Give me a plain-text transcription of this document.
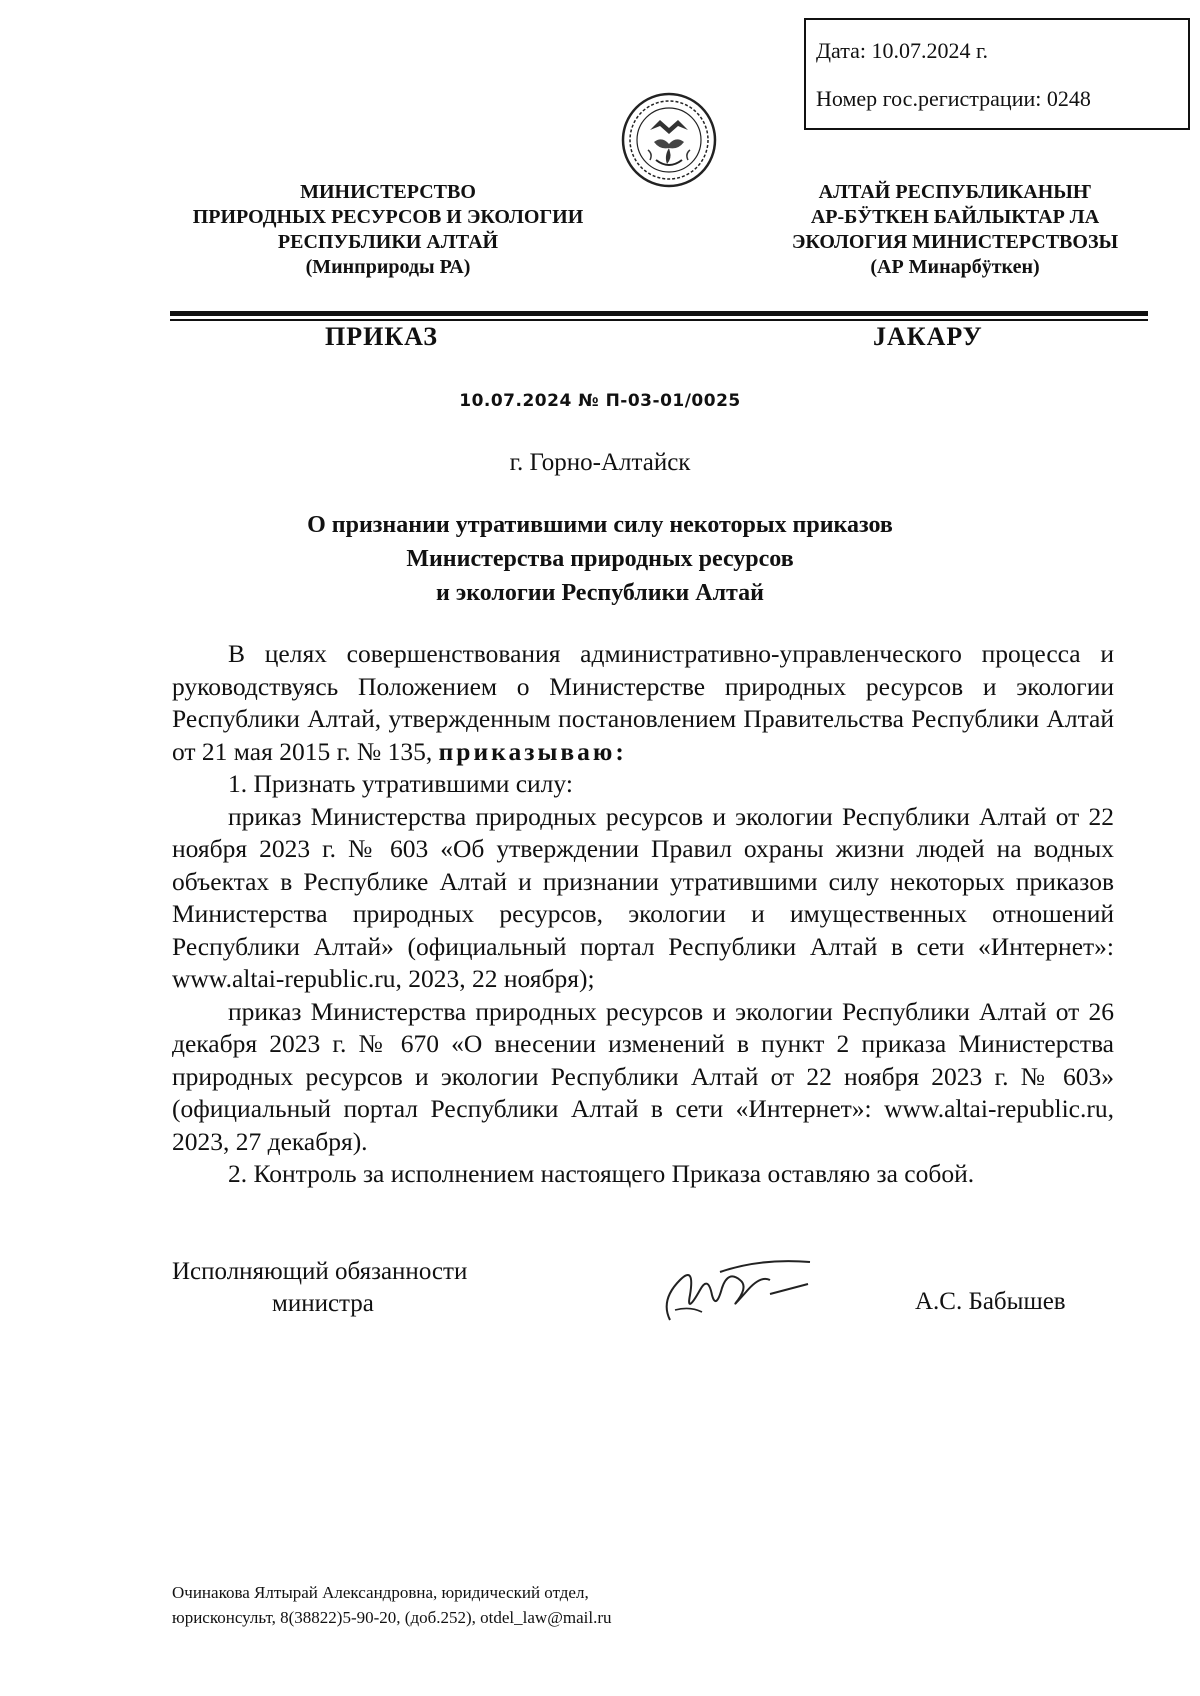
Дата: 10.07.2024 г.
Номер гос.регистрации: 0248
МИНИСТЕРСТВО
ПРИРОДНЫХ РЕСУРСОВ И ЭКОЛОГИИ
РЕСПУБЛИКИ АЛТАЙ
(Минприроды РА)
АЛТАЙ РЕСПУБЛИКАНЫҤ
АР-БӰТКЕН БАЙЛЫКТАР ЛА
ЭКОЛОГИЯ МИНИСТЕРСТВОЗЫ
(АР Минарбӱткен)
ПРИКАЗ	JАКАРУ
10.07.2024 № П-03-01/0025
г. Горно-Алтайск
О признании утратившими силу некоторых приказов
Министерства природных ресурсов
и экологии Республики Алтай

В целях совершенствования административно-управленческого процесса и руководствуясь Положением о Министерстве природных ресурсов и экологии Республики Алтай, утвержденным постановлением Правительства Республики Алтай от 21 мая 2015 г. № 135, приказываю:

1. Признать утратившими силу:

приказ Министерства природных ресурсов и экологии Республики Алтай от 22 ноября 2023 г. № 603 «Об утверждении Правил охраны жизни людей на водных объектах в Республике Алтай и признании утратившими силу некоторых приказов Министерства природных ресурсов, экологии и имущественных отношений Республики Алтай» (официальный портал Республики Алтай в сети «Интернет»: www.altai-republic.ru, 2023, 22 ноября);

приказ Министерства природных ресурсов и экологии Республики Алтай от 26 декабря 2023 г. № 670 «О внесении изменений в пункт 2 приказа Министерства природных ресурсов и экологии Республики Алтай от 22 ноября 2023 г. № 603» (официальный портал Республики Алтай в сети «Интернет»: www.altai-republic.ru, 2023, 27 декабря).

2. Контроль за исполнением настоящего Приказа оставляю за собой.

Исполняющий обязанности
министра	А.С. Бабышев
Очинакова Ялтырай Александровна, юридический отдел,
юрисконсульт, 8(38822)5-90-20, (доб.252), otdel_law@mail.ru
